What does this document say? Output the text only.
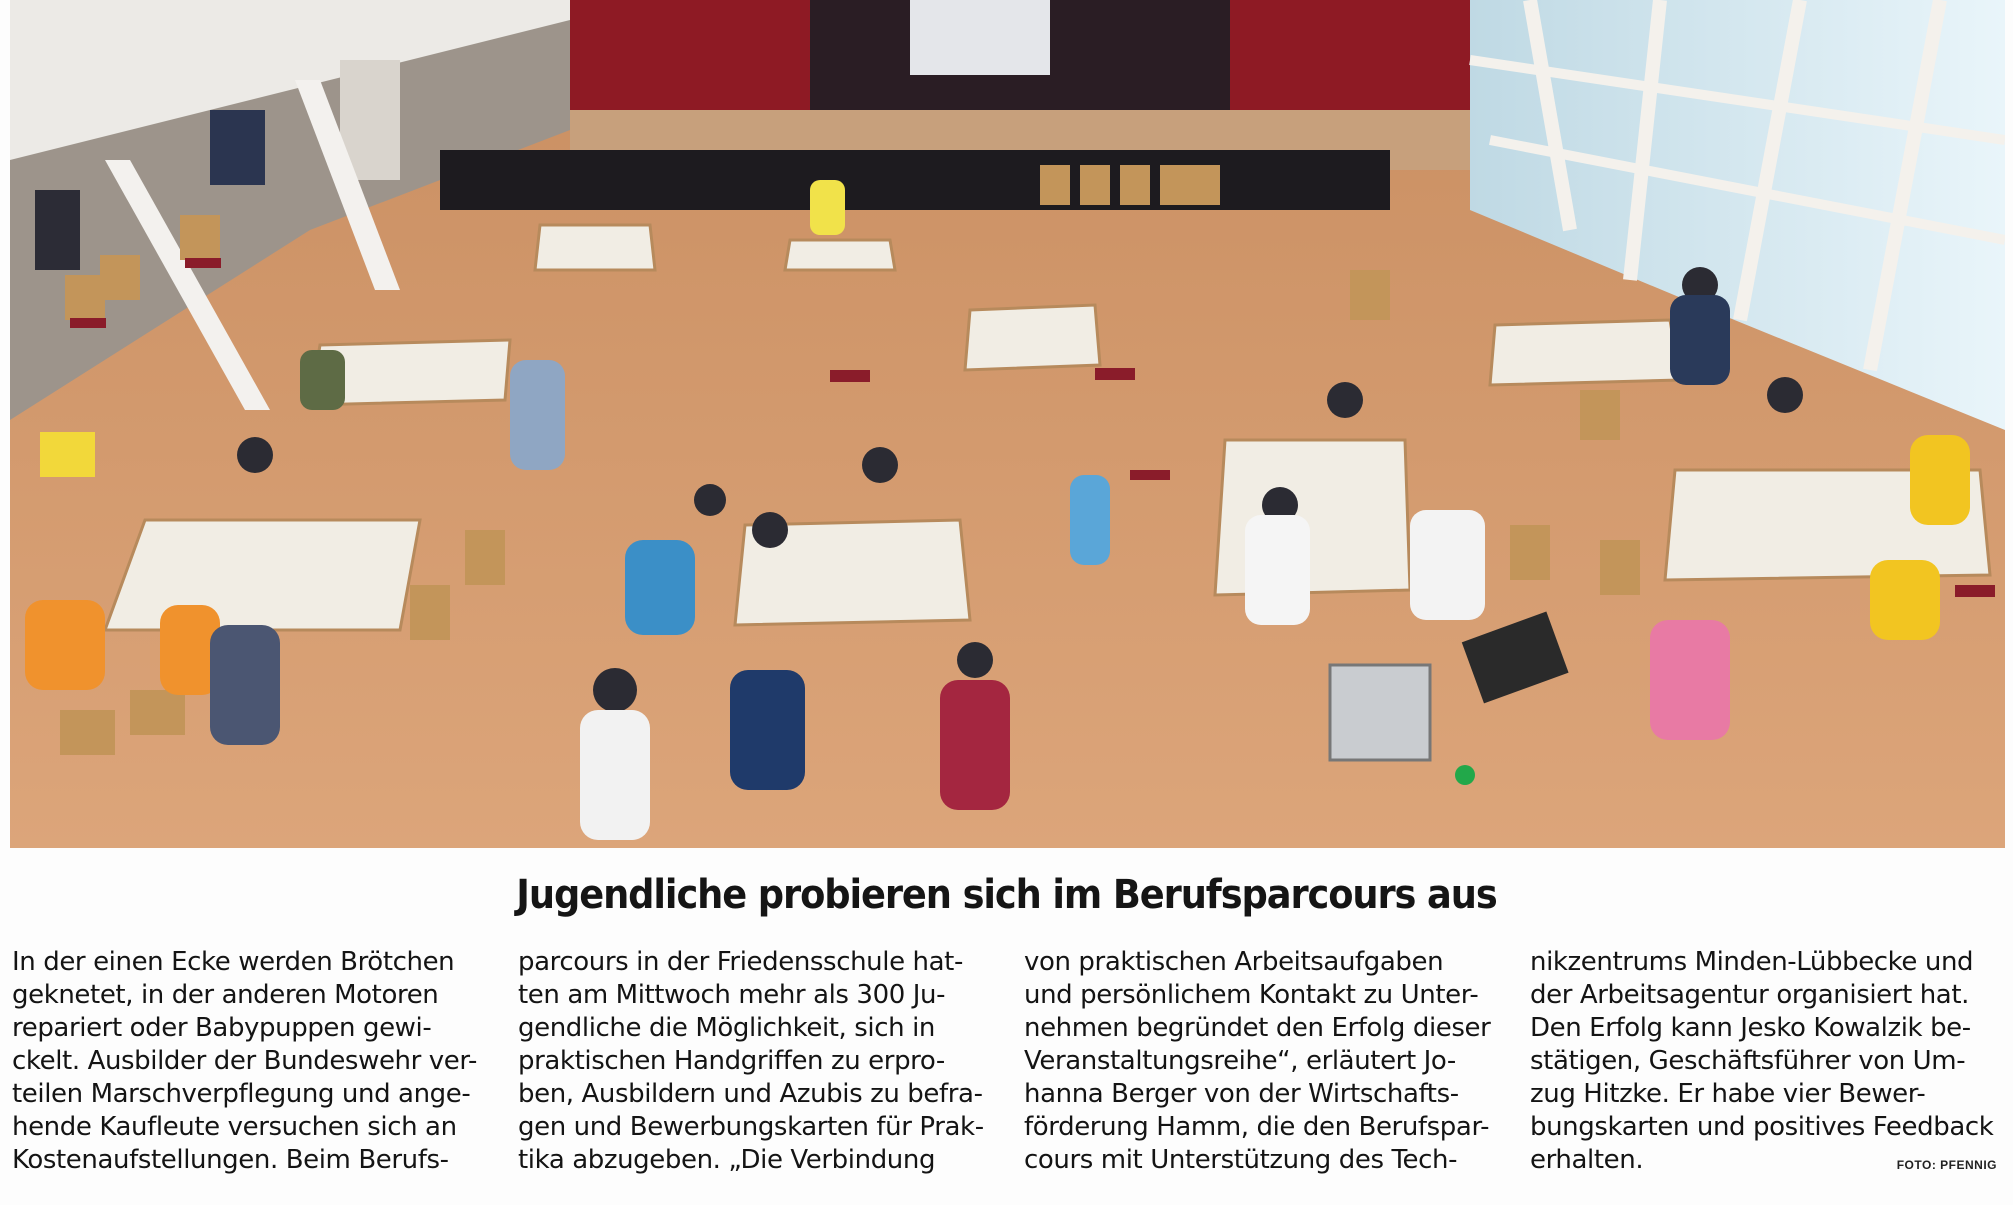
Jugendliche probieren sich im Berufsparcours aus
In der einen Ecke werden Brötchen
geknetet, in der anderen Motoren
repariert oder Babypuppen gewi-
ckelt. Ausbilder der Bundeswehr ver-
teilen Marschverpflegung und ange-
hende Kaufleute versuchen sich an
Kostenaufstellungen. Beim Berufs-
parcours in der Friedensschule hat-
ten am Mittwoch mehr als 300 Ju-
gendliche die Möglichkeit, sich in
praktischen Handgriffen zu erpro-
ben, Ausbildern und Azubis zu befra-
gen und Bewerbungskarten für Prak-
tika abzugeben. „Die Verbindung
von praktischen Arbeitsaufgaben
und persönlichem Kontakt zu Unter-
nehmen begründet den Erfolg dieser
Veranstaltungsreihe“, erläutert Jo-
hanna Berger von der Wirtschafts-
förderung Hamm, die den Berufspar-
cours mit Unterstützung des Tech-
nikzentrums Minden-Lübbecke und
der Arbeitsagentur organisiert hat.
Den Erfolg kann Jesko Kowalzik be-
stätigen, Geschäftsführer von Um-
zug Hitzke. Er habe vier Bewer-
bungskarten und positives Feedback
erhalten.	FOTO: PFENNIG
